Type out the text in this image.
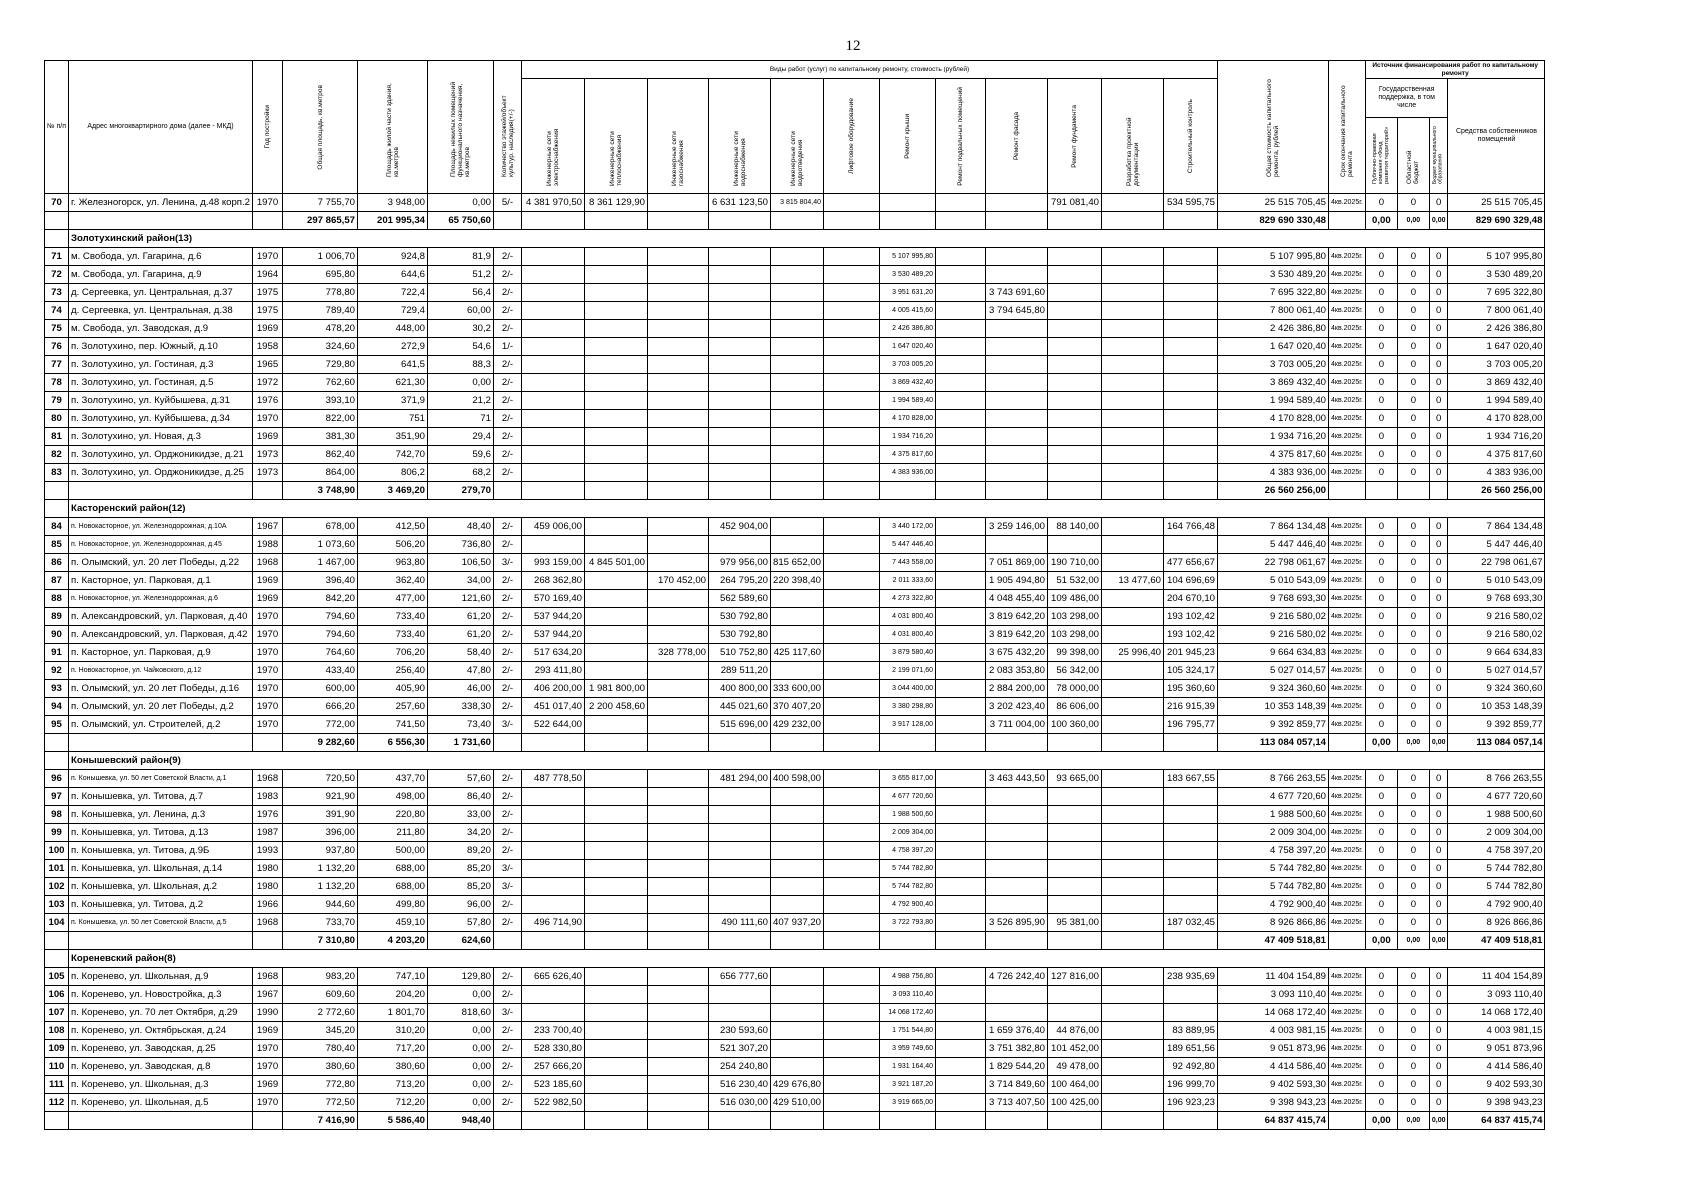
12
№ п/п	Адрес многоквартирного дома (далее - МКД)	Год постройки	Общая площадь, кв.метров	Площадь жилой части здания, кв.метров	Площадь нежилых помещений функционального назначения, кв.метров	Количество этажей/объект культур. наследия(+/-)	Виды работ (услуг) по капитальному ремонту, стоимость (рублей)												Общая стоимость капитального ремонта, рублей	Срок окончания капитального ремонта	Источник финансирования работ по капитальному ремонту			

							Инженерные сети электроснабжения	Инженерные сети теплоснабжения	Инженерные сети газоснабжения	Инженерные сети водоснабжения	Инженерные сети водоотведения	Лифтовое оборудование	Ремонт крыши	Ремонт подвальных помещений	Ремонт фасада	Ремонт фундамента	Разработка проектной документации	Строительный контроль			Государственная поддержка, в том числе			Средства собственников помещений

																					Публично-правовая компания «Фонд развития территорий»	Областной бюджет	Бюджет муниципального образования	

70	г. Железногорск, ул. Ленина, д.48 корп.2	1970	7 755,70	3 948,00	0,00	5/-	4 381 970,50	8 361 129,90		6 631 123,50	3 815 804,40					791 081,40		534 595,75	25 515 705,45	4кв.2025г.	0	0	0	25 515 705,45
			297 865,57	201 995,34	65 750,60														829 690 330,48		0,00	0,00	0,00	829 690 329,48
	Золотухинский район(13)																							
71	м. Свобода, ул. Гагарина, д.6	1970	1 006,70	924,8	81,9	2/-							5 107 995,80						5 107 995,80	4кв.2025г.	0	0	0	5 107 995,80
72	м. Свобода, ул. Гагарина, д.9	1964	695,80	644,6	51,2	2/-							3 530 489,20						3 530 489,20	4кв.2025г.	0	0	0	3 530 489,20
73	д. Сергеевка, ул. Центральная, д.37	1975	778,80	722,4	56,4	2/-							3 951 631,20		3 743 691,60				7 695 322,80	4кв.2025г.	0	0	0	7 695 322,80
74	д. Сергеевка, ул. Центральная, д.38	1975	789,40	729,4	60,00	2/-							4 005 415,60		3 794 645,80				7 800 061,40	4кв.2025г.	0	0	0	7 800 061,40
75	м. Свобода, ул. Заводская, д.9	1969	478,20	448,00	30,2	2/-							2 426 386,80						2 426 386,80	4кв.2025г.	0	0	0	2 426 386,80
76	п. Золотухино, пер. Южный, д.10	1958	324,60	272,9	54,6	1/-							1 647 020,40						1 647 020,40	4кв.2025г.	0	0	0	1 647 020,40
77	п. Золотухино, ул. Гостиная, д.3	1965	729,80	641,5	88,3	2/-							3 703 005,20						3 703 005,20	4кв.2025г.	0	0	0	3 703 005,20
78	п. Золотухино, ул. Гостиная, д.5	1972	762,60	621,30	0,00	2/-							3 869 432,40						3 869 432,40	4кв.2025г.	0	0	0	3 869 432,40
79	п. Золотухино, ул. Куйбышева, д.31	1976	393,10	371,9	21,2	2/-							1 994 589,40						1 994 589,40	4кв.2025г.	0	0	0	1 994 589,40
80	п. Золотухино, ул. Куйбышева, д.34	1970	822,00	751	71	2/-							4 170 828,00						4 170 828,00	4кв.2025г.	0	0	0	4 170 828,00
81	п. Золотухино, ул. Новая, д.3	1969	381,30	351,90	29,4	2/-							1 934 716,20						1 934 716,20	4кв.2025г.	0	0	0	1 934 716,20
82	п. Золотухино, ул. Орджоникидзе, д.21	1973	862,40	742,70	59,6	2/-							4 375 817,60						4 375 817,60	4кв.2025г.	0	0	0	4 375 817,60
83	п. Золотухино, ул. Орджоникидзе, д.25	1973	864,00	806,2	68,2	2/-							4 383 936,00						4 383 936,00	4кв.2025г.	0	0	0	4 383 936,00
			3 748,90	3 469,20	279,70														26 560 256,00					26 560 256,00
	Касторенский район(12)																							
84	п. Новокасторное, ул. Железнодорожная, д.10А	1967	678,00	412,50	48,40	2/-	459 006,00			452 904,00			3 440 172,00		3 259 146,00	88 140,00		164 766,48	7 864 134,48	4кв.2025г.	0	0	0	7 864 134,48
85	п. Новокасторное, ул. Железнодорожная, д.45	1988	1 073,60	506,20	736,80	2/-							5 447 446,40						5 447 446,40	4кв.2025г.	0	0	0	5 447 446,40
86	п. Олымский, ул. 20 лет Победы, д.22	1968	1 467,00	963,80	106,50	3/-	993 159,00	4 845 501,00		979 956,00	815 652,00		7 443 558,00		7 051 869,00	190 710,00		477 656,67	22 798 061,67	4кв.2025г.	0	0	0	22 798 061,67
87	п. Касторное, ул. Парковая, д.1	1969	396,40	362,40	34,00	2/-	268 362,80		170 452,00	264 795,20	220 398,40		2 011 333,60		1 905 494,80	51 532,00	13 477,60	104 696,69	5 010 543,09	4кв.2025г.	0	0	0	5 010 543,09
88	п. Новокасторное, ул. Железнодорожная, д.6	1969	842,20	477,00	121,60	2/-	570 169,40			562 589,60			4 273 322,80		4 048 455,40	109 486,00		204 670,10	9 768 693,30	4кв.2025г.	0	0	0	9 768 693,30
89	п. Александровский, ул. Парковая, д.40	1970	794,60	733,40	61,20	2/-	537 944,20			530 792,80			4 031 800,40		3 819 642,20	103 298,00		193 102,42	9 216 580,02	4кв.2025г.	0	0	0	9 216 580,02
90	п. Александровский, ул. Парковая, д.42	1970	794,60	733,40	61,20	2/-	537 944,20			530 792,80			4 031 800,40		3 819 642,20	103 298,00		193 102,42	9 216 580,02	4кв.2025г.	0	0	0	9 216 580,02
91	п. Касторное, ул. Парковая, д.9	1970	764,60	706,20	58,40	2/-	517 634,20		328 778,00	510 752,80	425 117,60		3 879 580,40		3 675 432,20	99 398,00	25 996,40	201 945,23	9 664 634,83	4кв.2025г.	0	0	0	9 664 634,83
92	п. Новокасторное, ул. Чайковского, д.12	1970	433,40	256,40	47,80	2/-	293 411,80			289 511,20			2 199 071,60		2 083 353,80	56 342,00		105 324,17	5 027 014,57	4кв.2025г.	0	0	0	5 027 014,57
93	п. Олымский, ул. 20 лет Победы, д.16	1970	600,00	405,90	46,00	2/-	406 200,00	1 981 800,00		400 800,00	333 600,00		3 044 400,00		2 884 200,00	78 000,00		195 360,60	9 324 360,60	4кв.2025г.	0	0	0	9 324 360,60
94	п. Олымский, ул. 20 лет Победы, д.2	1970	666,20	257,60	338,30	2/-	451 017,40	2 200 458,60		445 021,60	370 407,20		3 380 298,80		3 202 423,40	86 606,00		216 915,39	10 353 148,39	4кв.2025г.	0	0	0	10 353 148,39
95	п. Олымский, ул. Строителей, д.2	1970	772,00	741,50	73,40	3/-	522 644,00			515 696,00	429 232,00		3 917 128,00		3 711 004,00	100 360,00		196 795,77	9 392 859,77	4кв.2025г.	0	0	0	9 392 859,77
			9 282,60	6 556,30	1 731,60														113 084 057,14		0,00	0,00	0,00	113 084 057,14
	Конышевский район(9)																							
96	п. Конышевка, ул. 50 лет Советской Власти, д.1	1968	720,50	437,70	57,60	2/-	487 778,50			481 294,00	400 598,00		3 655 817,00		3 463 443,50	93 665,00		183 667,55	8 766 263,55	4кв.2025г.	0	0	0	8 766 263,55
97	п. Конышевка, ул. Титова, д.7	1983	921,90	498,00	86,40	2/-							4 677 720,60						4 677 720,60	4кв.2025г.	0	0	0	4 677 720,60
98	п. Конышевка, ул. Ленина, д.3	1976	391,90	220,80	33,00	2/-							1 988 500,60						1 988 500,60	4кв.2025г.	0	0	0	1 988 500,60
99	п. Конышевка, ул. Титова, д.13	1987	396,00	211,80	34,20	2/-							2 009 304,00						2 009 304,00	4кв.2025г.	0	0	0	2 009 304,00
100	п. Конышевка, ул. Титова, д.9Б	1993	937,80	500,00	89,20	2/-							4 758 397,20						4 758 397,20	4кв.2025г.	0	0	0	4 758 397,20
101	п. Конышевка, ул. Школьная, д.14	1980	1 132,20	688,00	85,20	3/-							5 744 782,80						5 744 782,80	4кв.2025г.	0	0	0	5 744 782,80
102	п. Конышевка, ул. Школьная, д.2	1980	1 132,20	688,00	85,20	3/-							5 744 782,80						5 744 782,80	4кв.2025г.	0	0	0	5 744 782,80
103	п. Конышевка, ул. Титова, д.2	1966	944,60	499,80	96,00	2/-							4 792 900,40						4 792 900,40	4кв.2025г.	0	0	0	4 792 900,40
104	п. Конышевка, ул. 50 лет Советской Власти, д.5	1968	733,70	459,10	57,80	2/-	496 714,90			490 111,60	407 937,20		3 722 793,80		3 526 895,90	95 381,00		187 032,45	8 926 866,86	4кв.2025г.	0	0	0	8 926 866,86
			7 310,80	4 203,20	624,60														47 409 518,81		0,00	0,00	0,00	47 409 518,81
	Кореневский район(8)																							
105	п. Коренево, ул. Школьная, д.9	1968	983,20	747,10	129,80	2/-	665 626,40			656 777,60			4 988 756,80		4 726 242,40	127 816,00		238 935,69	11 404 154,89	4кв.2025г.	0	0	0	11 404 154,89
106	п. Коренево, ул. Новостройка, д.3	1967	609,60	204,20	0,00	2/-							3 093 110,40						3 093 110,40	4кв.2025г.	0	0	0	3 093 110,40
107	п. Коренево, ул. 70 лет Октября, д.29	1990	2 772,60	1 801,70	818,60	3/-							14 068 172,40						14 068 172,40	4кв.2025г.	0	0	0	14 068 172,40
108	п. Коренево, ул. Октябрьская, д.24	1969	345,20	310,20	0,00	2/-	233 700,40			230 593,60			1 751 544,80		1 659 376,40	44 876,00		83 889,95	4 003 981,15	4кв.2025г.	0	0	0	4 003 981,15
109	п. Коренево, ул. Заводская, д.25	1970	780,40	717,20	0,00	2/-	528 330,80			521 307,20			3 959 749,60		3 751 382,80	101 452,00		189 651,56	9 051 873,96	4кв.2025г.	0	0	0	9 051 873,96
110	п. Коренево, ул. Заводская, д.8	1970	380,60	380,60	0,00	2/-	257 666,20			254 240,80			1 931 164,40		1 829 544,20	49 478,00		92 492,80	4 414 586,40	4кв.2025г.	0	0	0	4 414 586,40
111	п. Коренево, ул. Школьная, д.3	1969	772,80	713,20	0,00	2/-	523 185,60			516 230,40	429 676,80		3 921 187,20		3 714 849,60	100 464,00		196 999,70	9 402 593,30	4кв.2025г.	0	0	0	9 402 593,30
112	п. Коренево, ул. Школьная, д.5	1970	772,50	712,20	0,00	2/-	522 982,50			516 030,00	429 510,00		3 919 665,00		3 713 407,50	100 425,00		196 923,23	9 398 943,23	4кв.2025г.	0	0	0	9 398 943,23
			7 416,90	5 586,40	948,40														64 837 415,74		0,00	0,00	0,00	64 837 415,74
